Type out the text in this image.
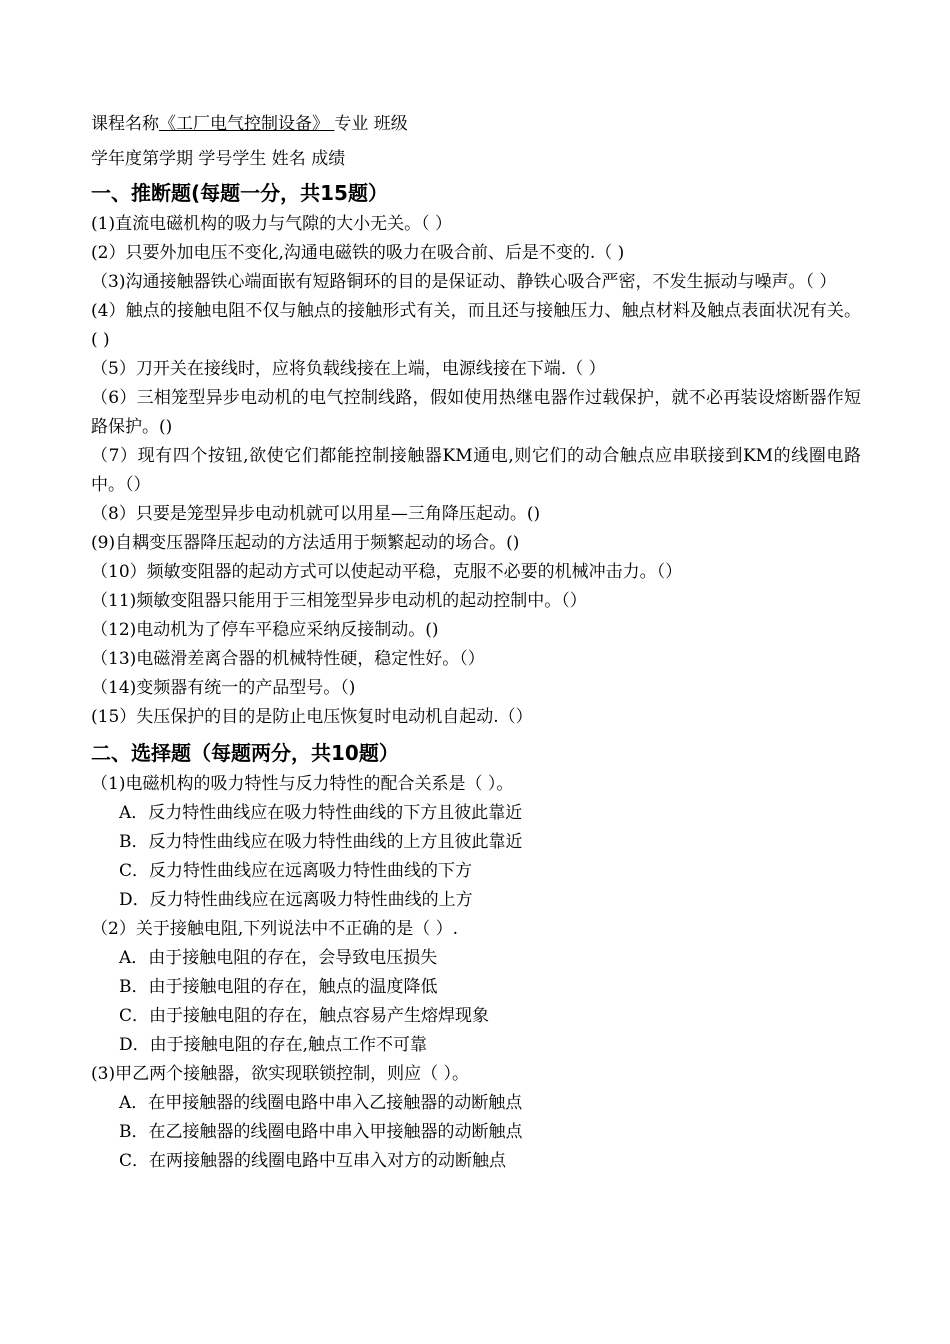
课程名称《工厂电气控制设备》 专业 班级

学年度第学期 学号学生 姓名 成绩

一、推断题(每题一分，共15题）

(1)直流电磁机构的吸力与气隙的大小无关。（ ）

(2）只要外加电压不变化,沟通电磁铁的吸力在吸合前、后是不变的.（ )

（3)沟通接触器铁心端面嵌有短路铜环的目的是保证动、静铁心吸合严密，不发生振动与噪声。（ ）

(4）触点的接触电阻不仅与触点的接触形式有关，而且还与接触压力、触点材料及触点表面状况有关。( )

（5）刀开关在接线时，应将负载线接在上端，电源线接在下端.（ ）

（6）三相笼型异步电动机的电气控制线路，假如使用热继电器作过载保护，就不必再装设熔断器作短路保护。()

（7）现有四个按钮,欲使它们都能控制接触器KM通电,则它们的动合触点应串联接到KM的线圈电路中。（）

（8）只要是笼型异步电动机就可以用星—三角降压起动。()

(9)自耦变压器降压起动的方法适用于频繁起动的场合。()

（10）频敏变阻器的起动方式可以使起动平稳，克服不必要的机械冲击力。（）

（11)频敏变阻器只能用于三相笼型异步电动机的起动控制中。（）

（12)电动机为了停车平稳应采纳反接制动。()

（13)电磁滑差离合器的机械特性硬，稳定性好。（）

（14)变频器有统一的产品型号。（)

(15）失压保护的目的是防止电压恢复时电动机自起动.（）

二、选择题（每题两分，共10题）

（1)电磁机构的吸力特性与反力特性的配合关系是（ ）。

A．反力特性曲线应在吸力特性曲线的下方且彼此靠近

B．反力特性曲线应在吸力特性曲线的上方且彼此靠近

C．反力特性曲线应在远离吸力特性曲线的下方

D．反力特性曲线应在远离吸力特性曲线的上方

（2）关于接触电阻,下列说法中不正确的是（ ）.

A．由于接触电阻的存在，会导致电压损失

B．由于接触电阻的存在，触点的温度降低

C．由于接触电阻的存在，触点容易产生熔焊现象

D．由于接触电阻的存在,触点工作不可靠

(3)甲乙两个接触器，欲实现联锁控制，则应（ ）。

A．在甲接触器的线圈电路中串入乙接触器的动断触点

B．在乙接触器的线圈电路中串入甲接触器的动断触点

C．在两接触器的线圈电路中互串入对方的动断触点
